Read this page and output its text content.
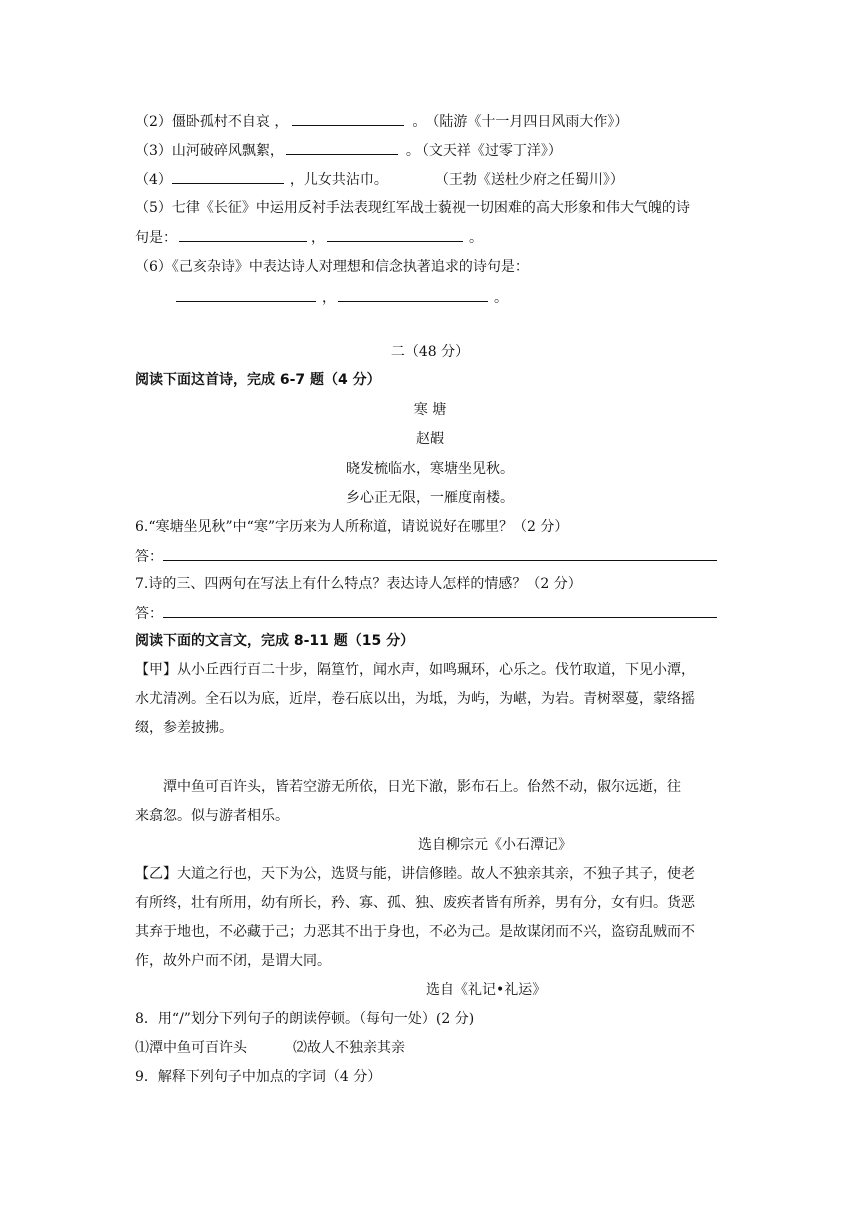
（2）僵卧孤村不自哀 ，	。 （陆游《十一月四日风雨大作》）
（3）山河破碎风飘絮，	。 （文天祥《过零丁洋》）
（4）	，儿女共沾巾。	（王勃《送杜少府之任蜀川》）
（5）七律《长征》中运用反衬手法表现红军战士藐视一切困难的高大形象和伟大气魄的诗
句是：	，	。
（6）《己亥杂诗》中表达诗人对理想和信念执著追求的诗句是：
，	。
二（48 分）
阅读下面这首诗，完成 6-7 题（4 分）
寒 塘
赵嘏
晓发梳临水，寒塘坐见秋。
乡心正无限，一雁度南楼。
6.“寒塘坐见秋”中“寒”字历来为人所称道，请说说好在哪里？（2 分）
答：
7.诗的三、四两句在写法上有什么特点？表达诗人怎样的情感？（2 分）
答：
阅读下面的文言文，完成 8-11 题（15 分）
【甲】从小丘西行百二十步，隔篁竹，闻水声，如鸣珮环，心乐之。伐竹取道，下见小潭，
水尤清冽。全石以为底，近岸，卷石底以出，为坻，为屿，为嵁，为岩。青树翠蔓，蒙络摇
缀，参差披拂。
潭中鱼可百许头，皆若空游无所依，日光下澈，影布石上。佁然不动，俶尔远逝，往
来翕忽。似与游者相乐。
选自柳宗元《小石潭记》
【乙】大道之行也，天下为公，选贤与能，讲信修睦。故人不独亲其亲，不独子其子，使老
有所终，壮有所用，幼有所长，矜、寡、孤、独、废疾者皆有所养，男有分，女有归。货恶
其弃于地也，不必藏于己；力恶其不出于身也，不必为己。是故谋闭而不兴，盗窃乱贼而不
作，故外户而不闭，是谓大同。
选自《礼记•礼运》
8．用“/”划分下列句子的朗读停顿。（每句一处）(2 分)
⑴潭中鱼可百许头	⑵故人不独亲其亲
9．解释下列句子中加点的字词（4 分）
